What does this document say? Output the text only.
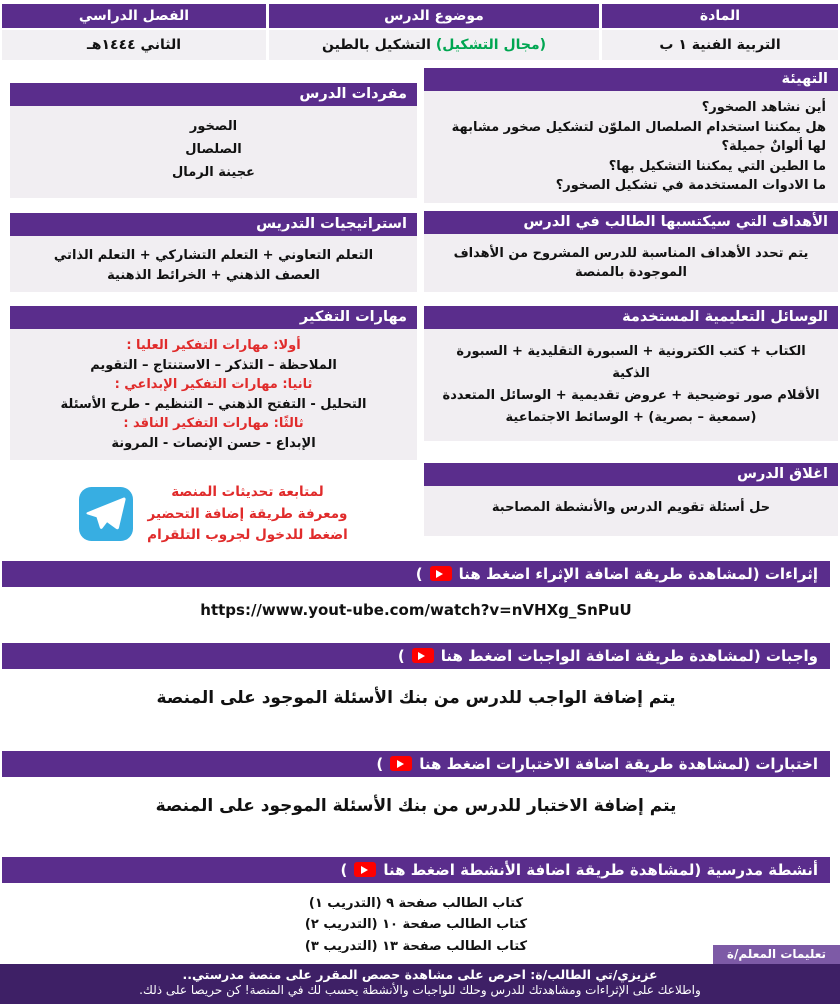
المادة
موضوع الدرس
الفصل الدراسي
التربية الفنية ١ ب
(مجال التشكيل) التشكيل بالطين
الثاني ١٤٤٤هـ
التهيئة
أين نشاهد الصخور؟
هل يمكننا استخدام الصلصال الملوّن لتشكيل صخور مشابهة لها ألوانٌ جميلة؟
ما الطين التي يمكننا التشكيل بها؟
ما الادوات المستخدمة في تشكيل الصخور؟
الأهداف التي سيكتسبها الطالب في الدرس
يتم تحدد الأهداف المناسبة للدرس المشروح من الأهداف الموجودة بالمنصة
الوسائل التعليمية المستخدمة
الكتاب + كتب الكترونية + السبورة التقليدية + السبورة الذكية
الأقلام صور توضيحية + عروض تقديمية + الوسائل المتعددة
(سمعية – بصرية) + الوسائط الاجتماعية
اغلاق الدرس
حل أسئلة تقويم الدرس والأنشطة المصاحبة
مفردات الدرس
الصخور
الصلصال
عجينة الرمال
استراتيجيات التدريس
التعلم التعاوني + التعلم التشاركي + التعلم الذاتي
العصف الذهني + الخرائط الذهنية
مهارات التفكير
أولا: مهارات التفكير العليا :
الملاحظة – التذكر – الاستنتاج – التقويم
ثانيا: مهارات التفكير الإبداعي :
التحليل - التفتح الذهني – التنظيم - طرح الأسئلة
ثالثًا: مهارات التفكير الناقد :
الإبداع - حسن الإنصات - المرونة
لمتابعة تحديثات المنصة
ومعرفة طريقة إضافة التحضير
اضغط للدخول لجروب التلقرام
إثراءات (لمشاهدة طريقة اضافة الإثراء اضغط هنا
)
https://www.yout-ube.com/watch?v=nVHXg_SnPuU
واجبات (لمشاهدة طريقة اضافة الواجبات اضغط هنا
)
يتم إضافة الواجب للدرس من بنك الأسئلة الموجود على المنصة
اختبارات (لمشاهدة طريقة اضافة الاختبارات اضغط هنا
)
يتم إضافة الاختبار للدرس من بنك الأسئلة الموجود على المنصة
أنشطة مدرسية (لمشاهدة طريقة اضافة الأنشطة اضغط هنا
)
كتاب الطالب صفحة ٩ (التدريب ١)
كتاب الطالب صفحة ١٠ (التدريب ٢)
كتاب الطالب صفحة ١٣ (التدريب ٣)
تعليمات المعلم/ة
عزيزي/تي الطالب/ة: احرص على مشاهدة حصص المقرر على منصة مدرستي..
واطلاعك على الإثراءات ومشاهدتك للدرس وحلك للواجبات والأنشطة يحسب لك في المنصة! كن حريصا على ذلك.
